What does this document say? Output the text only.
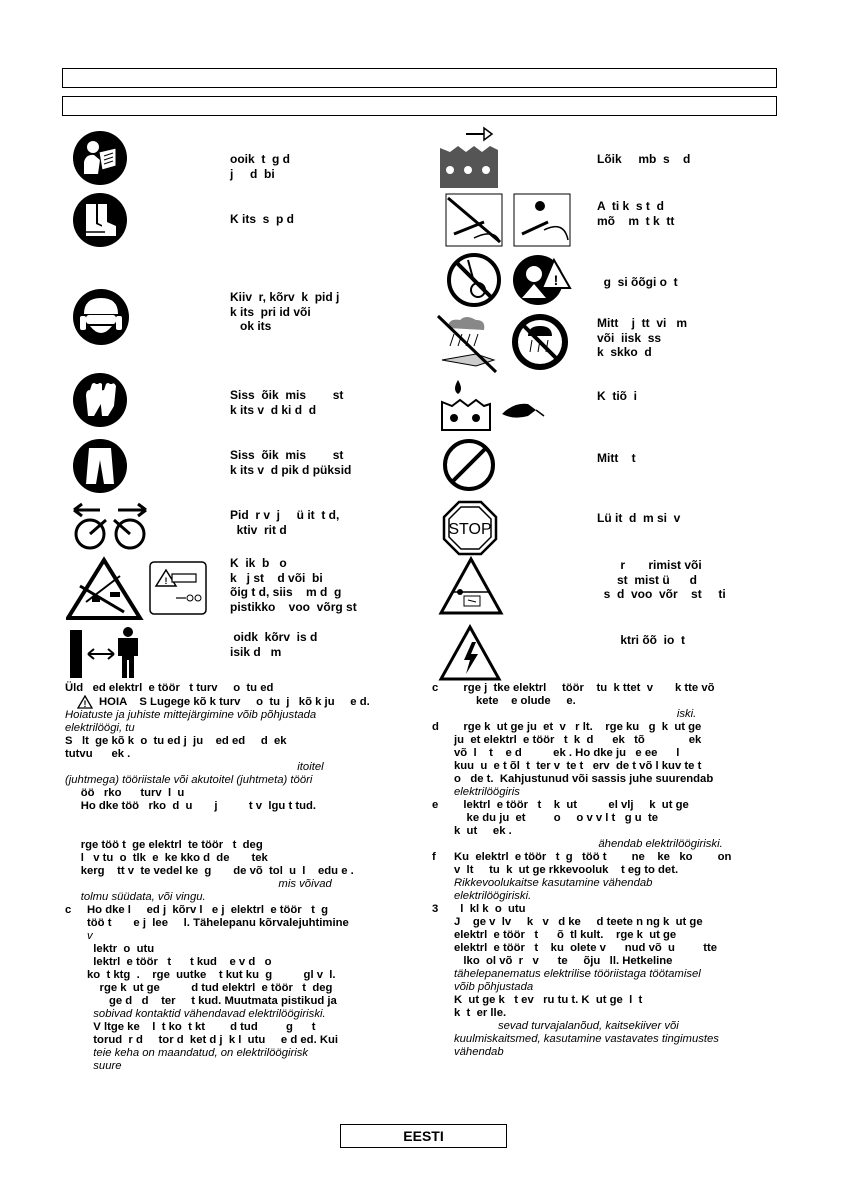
!
!
STOP
ooik  t  g d
j     d  bi
K its  s  p d
Kiiv  r, kõrv  k  pid j
k its  pri id või
ok its
Siss  õik  mis        st
k its v  d ki d  d
Siss  õik  mis        st
k its v  d pik d püksid
Pid  r v  j     ü it  t d,
ktiv  rit d
K  ik  b   o
k   j st    d või  bi
õig t d, siis    m d  g
pistikko    voo  võrg st
oidk  kõrv  is d
isik d   m
Lõik     mb  s    d
A  ti k  s t  d
mõ    m  t k  tt
g  si õõgi o  t
Mitt    j  tt  vi   m
või  iisk  ss
k  skko  d
K  tiõ  i
Mitt    t
Lü it  d  m si  v
r       rimist või
st  mist ü      d
s  d  voo  võr    st     ti
ktri õõ  io  t
Üld   ed elektrl  e töör   t turv     o  tu ed
! HOIA    S Lugege kõ k turv     o  tu  j   kõ k ju     e d.
Hoiatuste ja juhiste mittejärgimine võib põhjustada
elektrilöögi, tu
S   lt  ge kõ k  o  tu ed j  ju    ed ed     d  ek
tutvu      ek .
itoitel
(juhtmega) tööriistale või akutoitel (juhtmeta) tööri
öö   rko      turv  l  u
Ho dke töö   rko  d  u       j          t v  lgu t tud.
rge töö t  ge elektrl  te töör   t  deg
l   v tu  o  tlk  e  ke kko d  de       tek
kerg    tt v  te vedel ke  g       de võ  tol  u  l    edu e .
mis võivad
tolmu süüdata, või vingu.
c Ho dke l     ed j  kõrv l   e j  elektrl  e töör   t  g
töö t       e j  lee     l. Tähelepanu kõrvalejuhtimine
v
lektr  o  utu
lektrl  e töör   t      t kud    e v d   o
ko  t ktg  .    rge  uutke    t kut ku  g          gl v  l.
rge k  ut ge          d tud elektrl  e töör   t  deg
ge d   d    ter     t kud. Muutmata pistikud ja
sobivad kontaktid vähendavad elektrilöögiriski.
V ltge ke    l  t ko  t kt        d tud         g      t
torud  r d     tor d  ket d j  k l  utu     e d ed. Kui
teie keha on maandatud, on elektrilöögirisk
suure
c   rge j  tke elektrl     töör    tu  k ttet  v       k tte võ
kete    e olude     e.
iski.
d   rge k  ut ge ju  et  v   r lt.    rge ku   g  k  ut ge
ju  et elektrl  e töör   t  k  d      ek   tõ              ek
võ  l    t    e d          ek . Ho dke ju   e ee      l
kuu  u  e t õl  t  ter v  te t   erv  de t võ l kuv te t
o   de t.  Kahjustunud või sassis juhe suurendab
elektrilöögiris
e   lektrl  e töör   t    k  ut          el vlj     k  ut ge
ke du ju  et         o     o v v l t   g u  te
k  ut     ek .
ähendab elektrilöögiriski.
f Ku  elektrl  e töör   t  g   töö t        ne    ke   ko        on
v  lt     tu  k  ut ge rkkevooluk    t eg to det.
Rikkevoolukaitse kasutamine vähendab
elektrilöögiriski.
3  l  kl k  o  utu
J    ge v  lv     k   v   d ke     d teete n ng k  ut ge
elektrl  e töör   t      õ  tl kult.    rge k  ut ge
elektrl  e töör   t    ku  olete v      nud võ  u         tte
lko  ol võ  r   v      te     õju   ll. Hetkeline
tähelepanematus elektrilise tööriistaga töötamisel
võib põhjustada
K  ut ge k   t ev   ru tu t. K  ut ge  l  t
k  t  er lle.
sevad turvajalanõud, kaitsekiiver või
kuulmiskaitsmed, kasutamine vastavates tingimustes
vähendab
EESTI
